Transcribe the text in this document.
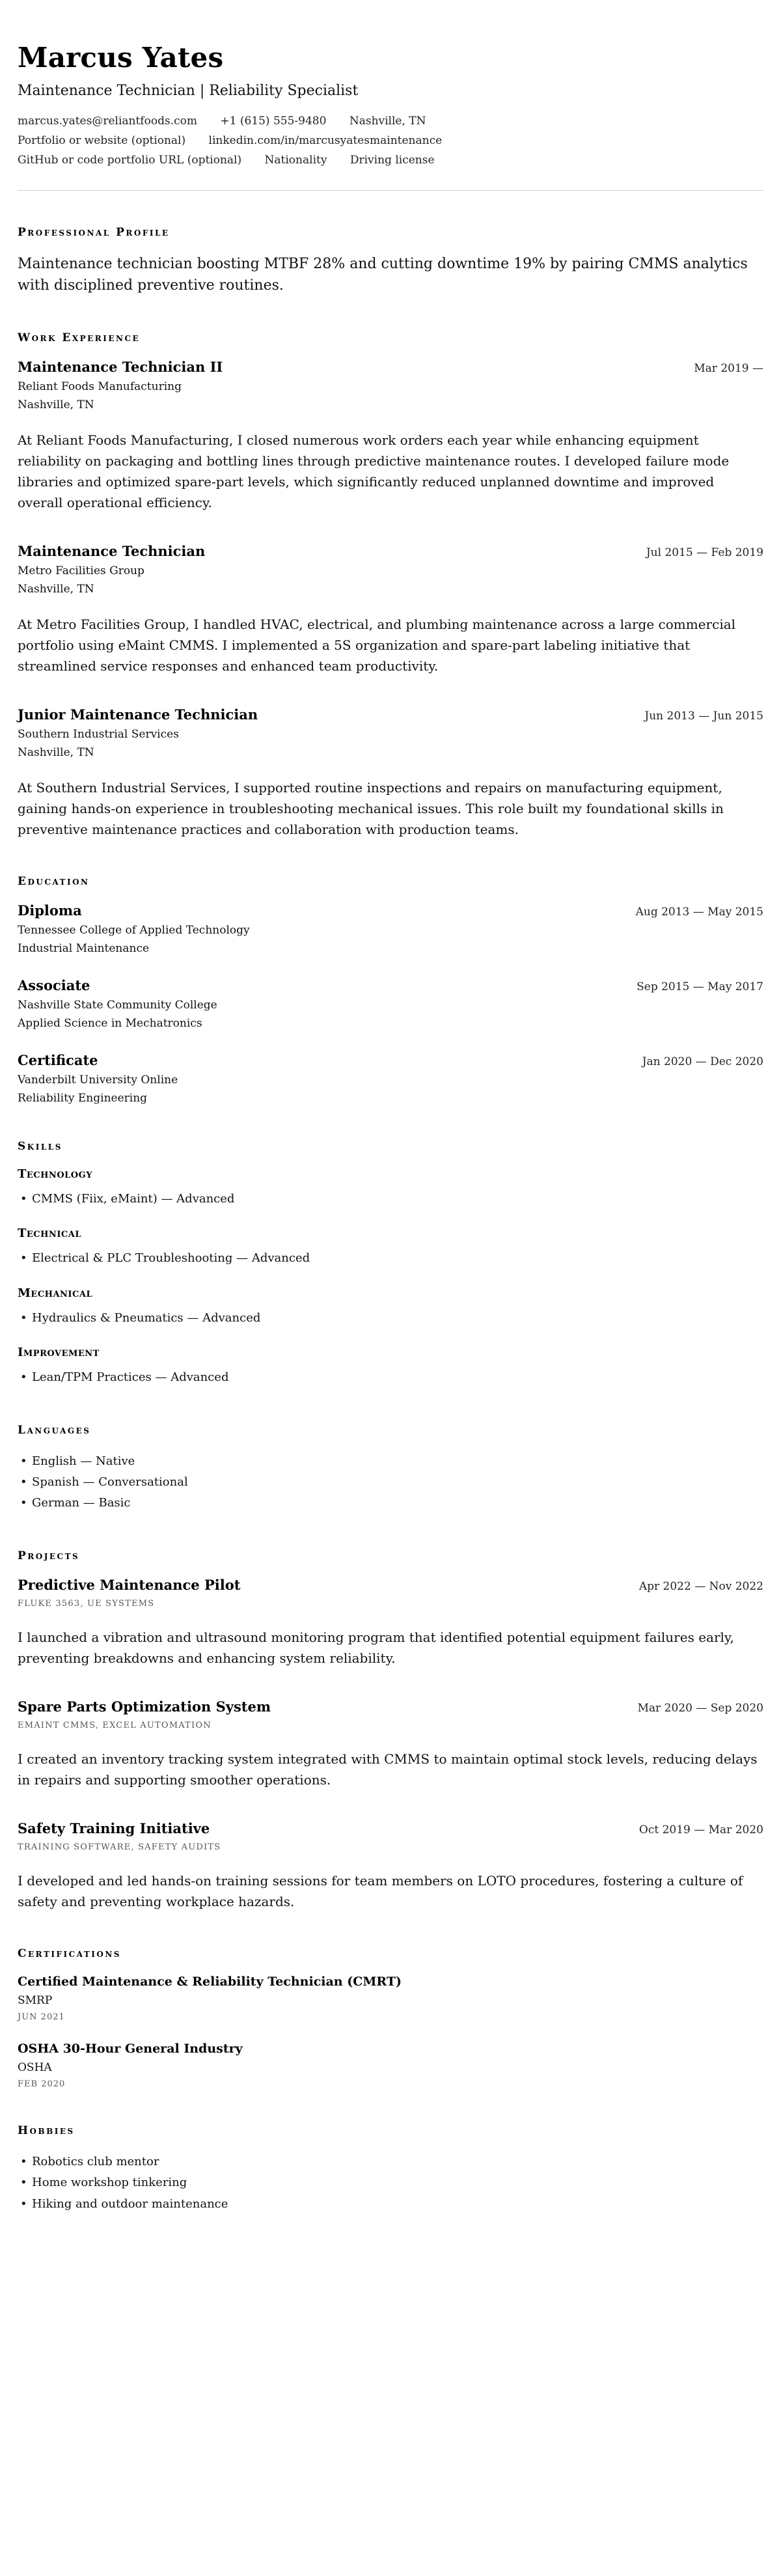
Marcus Yates
Maintenance Technician | Reliability Specialist
marcus.yates@reliantfoods.com +1 (615) 555-9480 Nashville, TN
Portfolio or website (optional) linkedin.com/in/marcusyatesmaintenance
GitHub or code portfolio URL (optional) Nationality Driving license
Professional Profile

Maintenance technician boosting MTBF 28% and cutting downtime 19% by pairing CMMS analytics with disciplined preventive routines.

Work Experience
Maintenance Technician II	Mar 2019 —
Reliant Foods Manufacturing
Nashville, TN

At Reliant Foods Manufacturing, I closed numerous work orders each year while enhancing equipment reliability on packaging and bottling lines through predictive maintenance routes. I developed failure mode libraries and optimized spare-part levels, which significantly reduced unplanned downtime and improved overall operational efficiency.

Maintenance Technician	Jul 2015 — Feb 2019
Metro Facilities Group
Nashville, TN

At Metro Facilities Group, I handled HVAC, electrical, and plumbing maintenance across a large commercial portfolio using eMaint CMMS. I implemented a 5S organization and spare-part labeling initiative that streamlined service responses and enhanced team productivity.

Junior Maintenance Technician	Jun 2013 — Jun 2015
Southern Industrial Services
Nashville, TN

At Southern Industrial Services, I supported routine inspections and repairs on manufacturing equipment, gaining hands-on experience in troubleshooting mechanical issues. This role built my foundational skills in preventive maintenance practices and collaboration with production teams.

Education
Diploma	Aug 2013 — May 2015
Tennessee College of Applied Technology
Industrial Maintenance
Associate	Sep 2015 — May 2017
Nashville State Community College
Applied Science in Mechatronics
Certificate	Jan 2020 — Dec 2020
Vanderbilt University Online
Reliability Engineering
Skills
Technology
• CMMS (Fiix, eMaint) — Advanced
Technical
• Electrical & PLC Troubleshooting — Advanced
Mechanical
• Hydraulics & Pneumatics — Advanced
Improvement
• Lean/TPM Practices — Advanced
Languages
• English — Native
• Spanish — Conversational
• German — Basic
Projects
Predictive Maintenance Pilot	Apr 2022 — Nov 2022
FLUKE 3563, UE SYSTEMS

I launched a vibration and ultrasound monitoring program that identified potential equipment failures early, preventing breakdowns and enhancing system reliability.

Spare Parts Optimization System	Mar 2020 — Sep 2020
EMAINT CMMS, EXCEL AUTOMATION

I created an inventory tracking system integrated with CMMS to maintain optimal stock levels, reducing delays in repairs and supporting smoother operations.

Safety Training Initiative	Oct 2019 — Mar 2020
TRAINING SOFTWARE, SAFETY AUDITS

I developed and led hands-on training sessions for team members on LOTO procedures, fostering a culture of safety and preventing workplace hazards.

Certifications
Certified Maintenance & Reliability Technician (CMRT)
SMRP
JUN 2021
OSHA 30-Hour General Industry
OSHA
FEB 2020
Hobbies
• Robotics club mentor
• Home workshop tinkering
• Hiking and outdoor maintenance
